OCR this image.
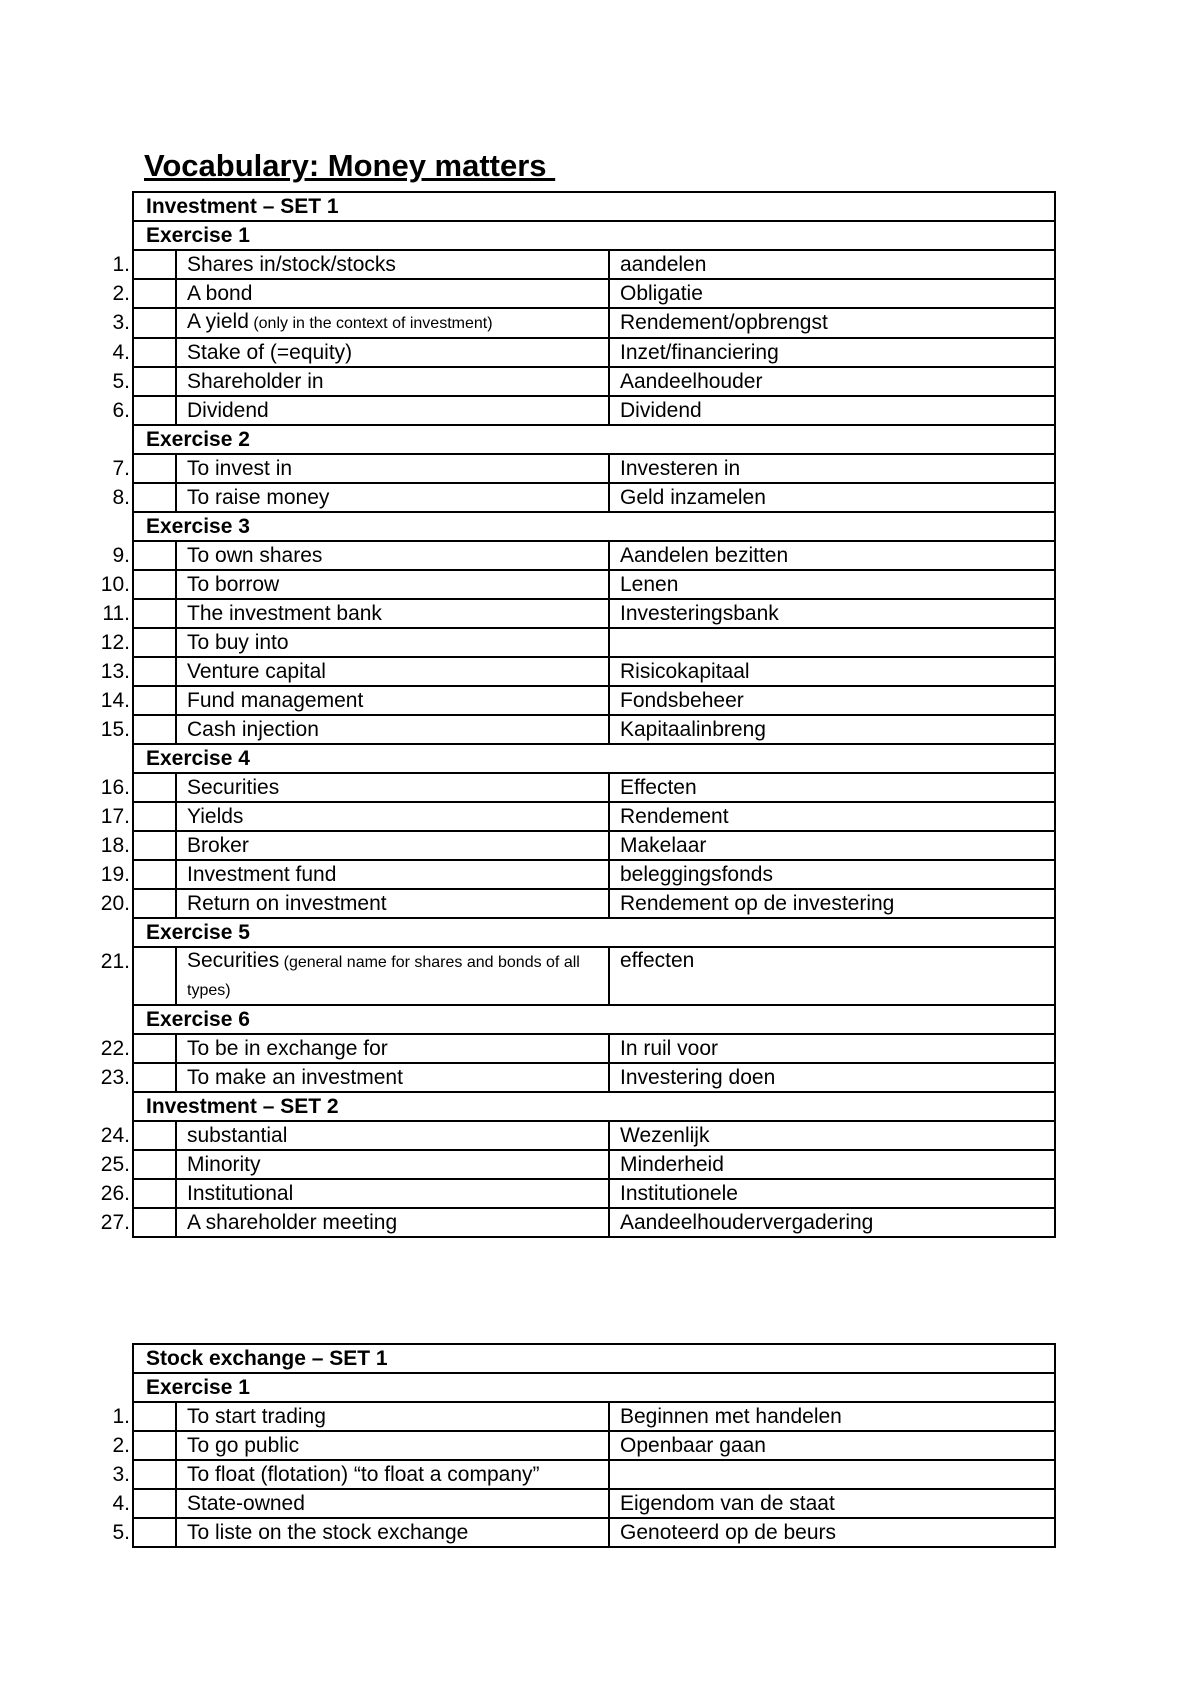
Vocabulary: Money matters
Investment – SET 1		
Exercise 1		

1.	Shares in/stock/stocks	aandelen

2.	A bond	Obligatie

3.	A yield (only in the context of investment)	Rendement/opbrengst

4.	Stake of (=equity)	Inzet/financiering

5.	Shareholder in	Aandeelhouder

6.	Dividend	Dividend
Exercise 2		

7.	To invest in	Investeren in

8.	To raise money	Geld inzamelen
Exercise 3		

9.	To own shares	Aandelen bezitten

10.	To borrow	Lenen

11.	The investment bank	Investeringsbank

12.	To buy into	

13.	Venture capital	Risicokapitaal

14.	Fund management	Fondsbeheer

15.	Cash injection	Kapitaalinbreng
Exercise 4		

16.	Securities	Effecten

17.	Yields	Rendement

18.	Broker	Makelaar

19.	Investment fund	beleggingsfonds

20.	Return on investment	Rendement op de investering
Exercise 5		

21.	Securities (general name for shares and bonds of all types)	effecten
Exercise 6		

22.	To be in exchange for	In ruil voor

23.	To make an investment	Investering doen
Investment – SET 2		

24.	substantial	Wezenlijk

25.	Minority	Minderheid

26.	Institutional	Institutionele

27.	A shareholder meeting	Aandeelhoudervergadering
Stock exchange – SET 1		
Exercise 1		

1.	To start trading	Beginnen met handelen

2.	To go public	Openbaar gaan

3.	To float (flotation) “to float a company”	

4.	State-owned	Eigendom van de staat

5.	To liste on the stock exchange	Genoteerd op de beurs
